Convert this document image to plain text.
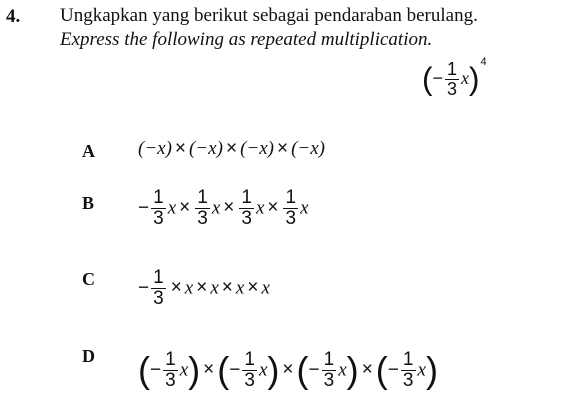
4. Ungkapkan yang berikut sebagai pendaraban berulang.
Express the following as repeated multiplication.
(− $\frac{1}{3} x)^4$
A (−x) × (−x) × (−x) × (−x)
$B - \frac{1}{3}$ $x \times \frac{1}{3}$ $x \times \frac{1}{3}$ $x \times \frac{1}{3}$ x
$C - \frac{1}{3} \times x \times x \times x \times x$
D (− $\frac{1}{3} x$) ×(− $\frac{1}{3} x$) ×(− $\frac{1}{3} x$) ×(− $\frac{1}{3} x$)
